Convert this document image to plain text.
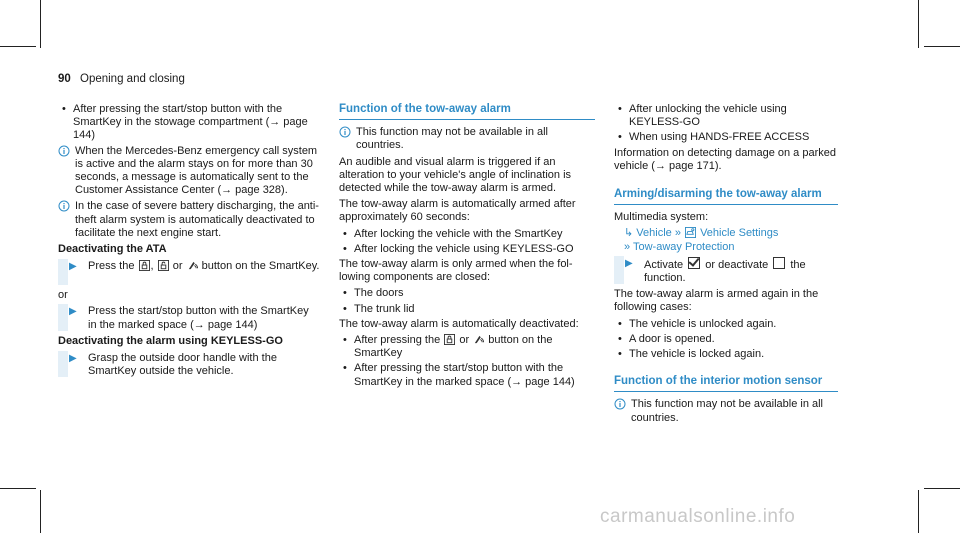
90 Opening and closing
• After pressing the start/stop button with the SmartKey in the stowage compartment (→ page 144)
When the Mercedes-Benz emergency call system is active and the alarm stays on for more than 30 seconds, a message is automatically sent to the Customer Assistance Center (→ page 328).
In the case of severe battery discharging, the anti-theft alarm system is automatically deactivated to facilitate the next engine start.
Deactivating the ATA
▶ Press the , or button on the SmartKey.

or

▶ Press the start/stop button with the SmartKey in the marked space (→ page 144)
Deactivating the alarm using KEYLESS-GO
▶ Grasp the outside door handle with the SmartKey outside the vehicle.
Function of the tow-away alarm
This function may not be available in all countries.

An audible and visual alarm is triggered if an alteration to your vehicle's angle of inclination is detected while the tow-away alarm is armed.

The tow-away alarm is automatically armed after approximately 60 seconds:

• After locking the vehicle with the SmartKey
• After locking the vehicle using KEYLESS-GO

The tow-away alarm is only armed when the following components are closed:

• The doors
• The trunk lid

The tow-away alarm is automatically deactivated:

• After pressing the or button on the SmartKey
• After pressing the start/stop button with the SmartKey in the marked space (→ page 144)
• After unlocking the vehicle using KEYLESS-GO
• When using HANDS-FREE ACCESS

Information on detecting damage on a parked vehicle (→ page 171).

Arming/disarming the tow-away alarm

Multimedia system:

↳ Vehicle » Vehicle Settings
» Tow-away Protection
▶ Activate or deactivate the function.

The tow-away alarm is armed again in the following cases:

• The vehicle is unlocked again.
• A door is opened.
• The vehicle is locked again.
Function of the interior motion sensor
This function may not be available in all countries.
carmanualsonline.info
